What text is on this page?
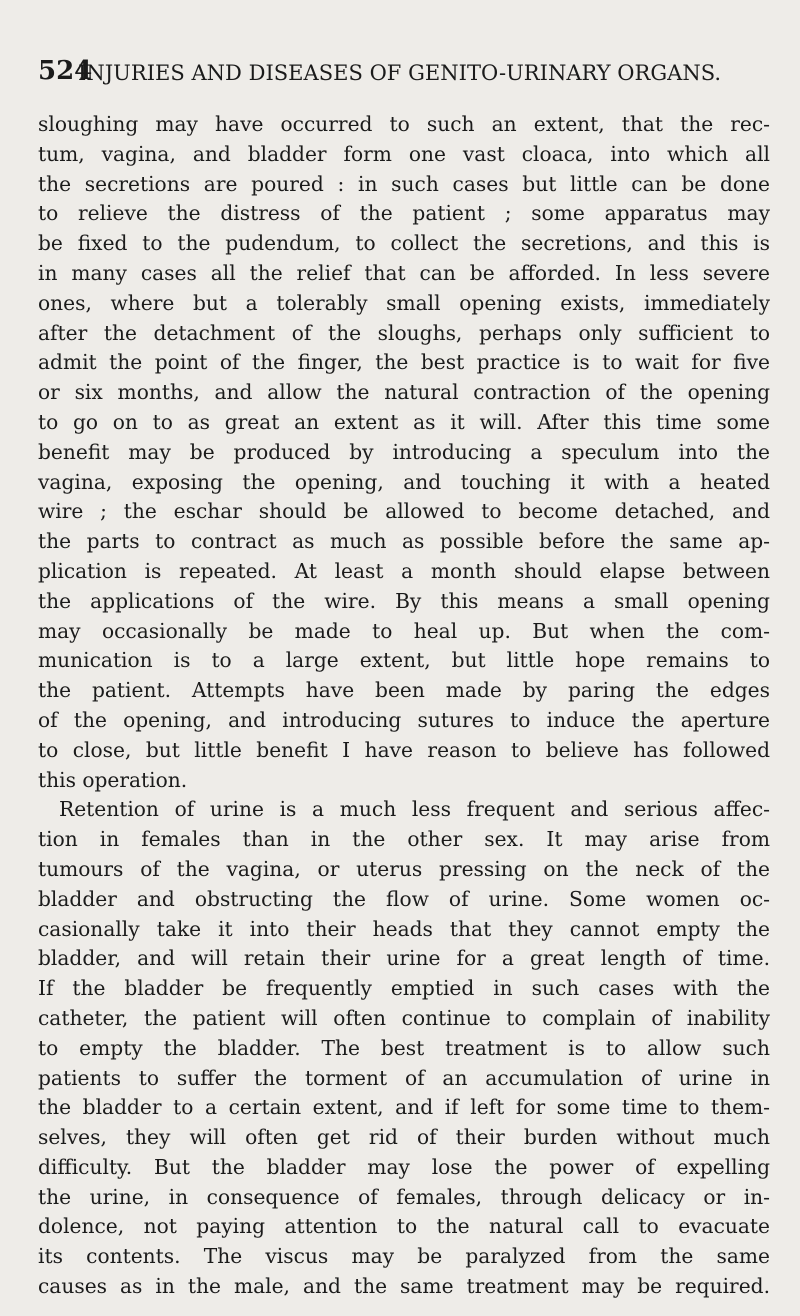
524
INJURIES AND DISEASES OF GENITO-URINARY ORGANS.
sloughing may have occurred to such an extent, that the rec-
tum, vagina, and bladder form one vast cloaca, into which all
the secretions are poured : in such cases but little can be done
to relieve the distress of the patient ; some apparatus may
be fixed to the pudendum, to collect the secretions, and this is
in many cases all the relief that can be afforded. In less severe
ones, where but a tolerably small opening exists, immediately
after the detachment of the sloughs, perhaps only sufficient to
admit the point of the finger, the best practice is to wait for five
or six months, and allow the natural contraction of the opening
to go on to as great an extent as it will. After this time some
benefit may be produced by introducing a speculum into the
vagina, exposing the opening, and touching it with a heated
wire ; the eschar should be allowed to become detached, and
the parts to contract as much as possible before the same ap-
plication is repeated. At least a month should elapse between
the applications of the wire. By this means a small opening
may occasionally be made to heal up. But when the com-
munication is to a large extent, but little hope remains to
the patient. Attempts have been made by paring the edges
of the opening, and introducing sutures to induce the aperture
to close, but little benefit I have reason to believe has followed
this operation.
Retention of urine is a much less frequent and serious affec-
tion in females than in the other sex. It may arise from
tumours of the vagina, or uterus pressing on the neck of the
bladder and obstructing the flow of urine. Some women oc-
casionally take it into their heads that they cannot empty the
bladder, and will retain their urine for a great length of time.
If the bladder be frequently emptied in such cases with the
catheter, the patient will often continue to complain of inability
to empty the bladder. The best treatment is to allow such
patients to suffer the torment of an accumulation of urine in
the bladder to a certain extent, and if left for some time to them-
selves, they will often get rid of their burden without much
difficulty. But the bladder may lose the power of expelling
the urine, in consequence of females, through delicacy or in-
dolence, not paying attention to the natural call to evacuate
its contents. The viscus may be paralyzed from the same
causes as in the male, and the same treatment may be required.
